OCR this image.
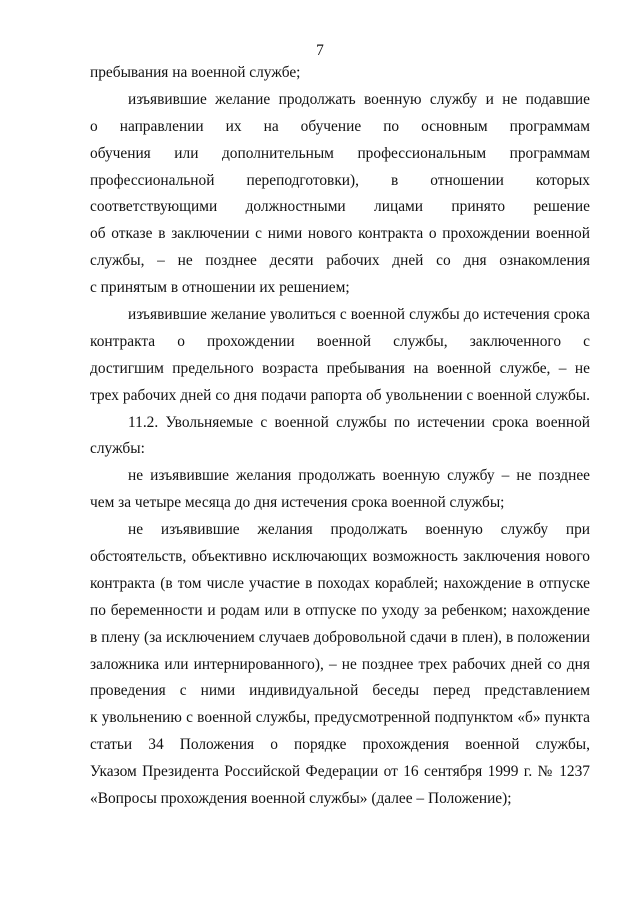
7
пребывания на военной службе;
изъявившие желание продолжать военную службу и не подавшие
о направлении их на обучение по основным программам
обучения или дополнительным профессиональным программам
профессиональной переподготовки), в отношении которых
соответствующими должностными лицами принято решение
об отказе в заключении с ними нового контракта о прохождении военной
службы, – не позднее десяти рабочих дней со дня ознакомления
с принятым в отношении их решением;
изъявившие желание уволиться с военной службы до истечения срока
контракта о прохождении военной службы, заключенного с
достигшим предельного возраста пребывания на военной службе, – не
трех рабочих дней со дня подачи рапорта об увольнении с военной службы.
11.2. Увольняемые с военной службы по истечении срока военной
службы:
не изъявившие желания продолжать военную службу – не позднее
чем за четыре месяца до дня истечения срока военной службы;
не изъявившие желания продолжать военную службу при
обстоятельств, объективно исключающих возможность заключения нового
контракта (в том числе участие в походах кораблей; нахождение в отпуске
по беременности и родам или в отпуске по уходу за ребенком; нахождение
в плену (за исключением случаев добровольной сдачи в плен), в положении
заложника или интернированного), – не позднее трех рабочих дней со дня
проведения с ними индивидуальной беседы перед представлением
к увольнению с военной службы, предусмотренной подпунктом «б» пункта
статьи 34 Положения о порядке прохождения военной службы,
Указом Президента Российской Федерации от 16 сентября 1999 г. № 1237
«Вопросы прохождения военной службы» (далее – Положение);
